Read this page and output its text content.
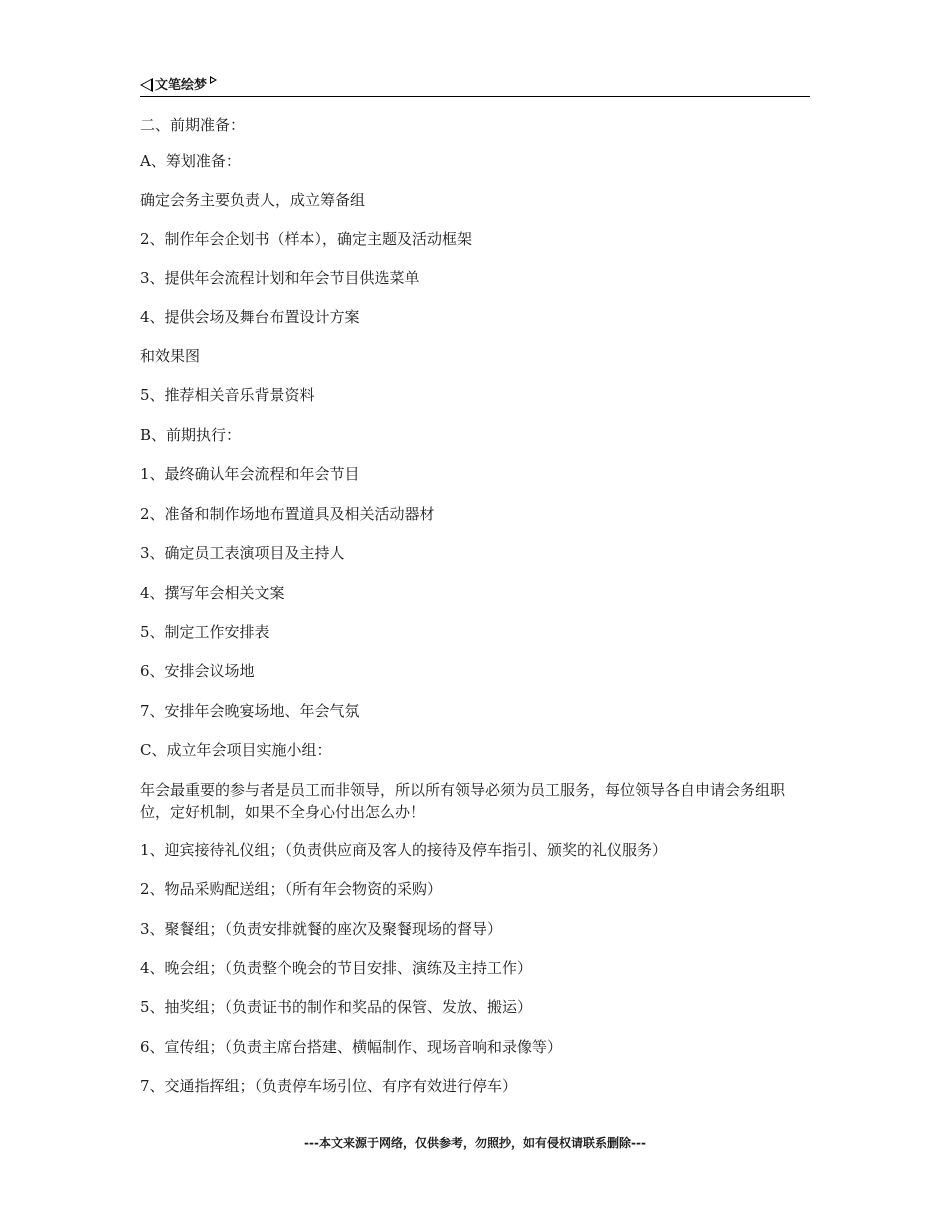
文笔绘梦
二、前期准备：
A、筹划准备：
确定会务主要负责人，成立筹备组
2、制作年会企划书（样本），确定主题及活动框架
3、提供年会流程计划和年会节目供选菜单
4、提供会场及舞台布置设计方案
和效果图
5、推荐相关音乐背景资料
B、前期执行：
1、最终确认年会流程和年会节目
2、准备和制作场地布置道具及相关活动器材
3、确定员工表演项目及主持人
4、撰写年会相关文案
5、制定工作安排表
6、安排会议场地
7、安排年会晚宴场地、年会气氛
C、成立年会项目实施小组：
年会最重要的参与者是员工而非领导，所以所有领导必须为员工服务，每位领导各自申请会务组职位，定好机制，如果不全身心付出怎么办！
1、迎宾接待礼仪组；（负责供应商及客人的接待及停车指引、颁奖的礼仪服务）
2、物品采购配送组；（所有年会物资的采购）
3、聚餐组；（负责安排就餐的座次及聚餐现场的督导）
4、晚会组；（负责整个晚会的节目安排、演练及主持工作）
5、抽奖组；（负责证书的制作和奖品的保管、发放、搬运）
6、宣传组；（负责主席台搭建、横幅制作、现场音响和录像等）
7、交通指挥组；（负责停车场引位、有序有效进行停车）
---本文来源于网络，仅供参考，勿照抄，如有侵权请联系删除---
